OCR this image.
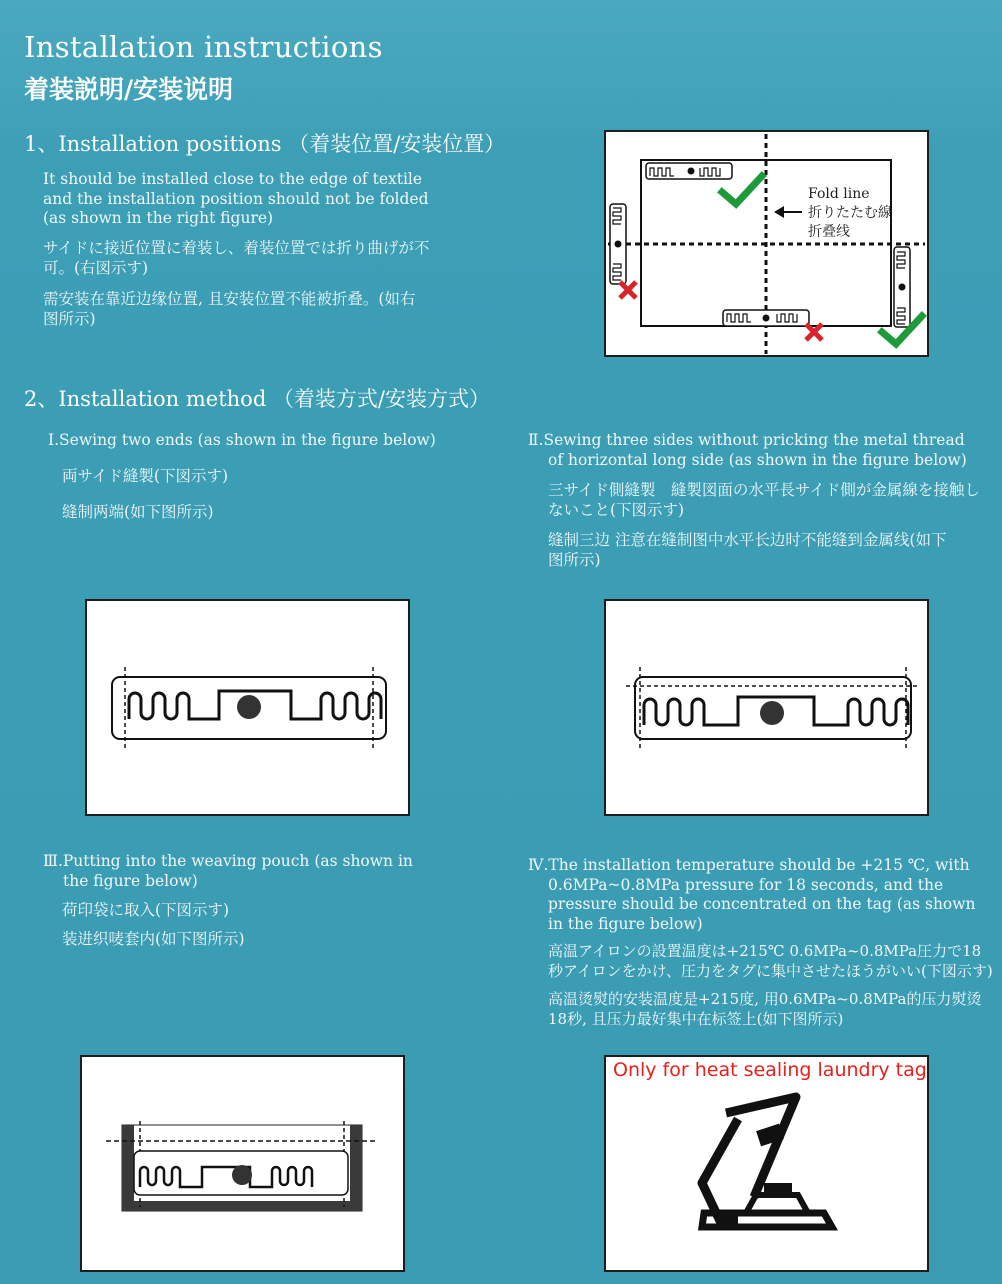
Installation instructions
着装説明/安装说明
1、Installation positions （着装位置/安装位置）
It should be installed close to the edge of textile
and the installation position should not be folded
(as shown in the right figure)
サイドに接近位置に着装し、着装位置では折り曲げが不
可。(右図示す)
需安装在靠近边缘位置, 且安装位置不能被折叠。(如右
图所示)
Fold line
折りたたむ線
折叠线
2、Installation method （着装方式/安装方式）
Ⅰ.Sewing two ends (as shown in the figure below)
両サイド縫製(下図示す)
缝制两端(如下图所示)
Ⅱ.Sewing three sides without pricking the metal thread
of horizontal long side (as shown in the figure below)
三サイド側縫製　縫製図面の水平長サイド側が金属線を接触し
ないこと(下図示す)
缝制三边 注意在缝制图中水平长边时不能缝到金属线(如下
图所示)
Ⅲ.Putting into the weaving pouch (as shown in
the figure below)
荷印袋に取入(下図示す)
装进织唛套内(如下图所示)
Ⅳ.The installation temperature should be +215 ℃, with
0.6MPa~0.8MPa pressure for 18 seconds, and the
pressure should be concentrated on the tag (as shown
in the figure below)
高温アイロンの設置温度は+215℃ 0.6MPa~0.8MPa圧力で18
秒アイロンをかけ、圧力をタグに集中させたほうがいい(下図示す)
高温烫熨的安装温度是+215度, 用0.6MPa~0.8MPa的压力熨烫
18秒, 且压力最好集中在标签上(如下图所示)
Only for heat sealing laundry tag
